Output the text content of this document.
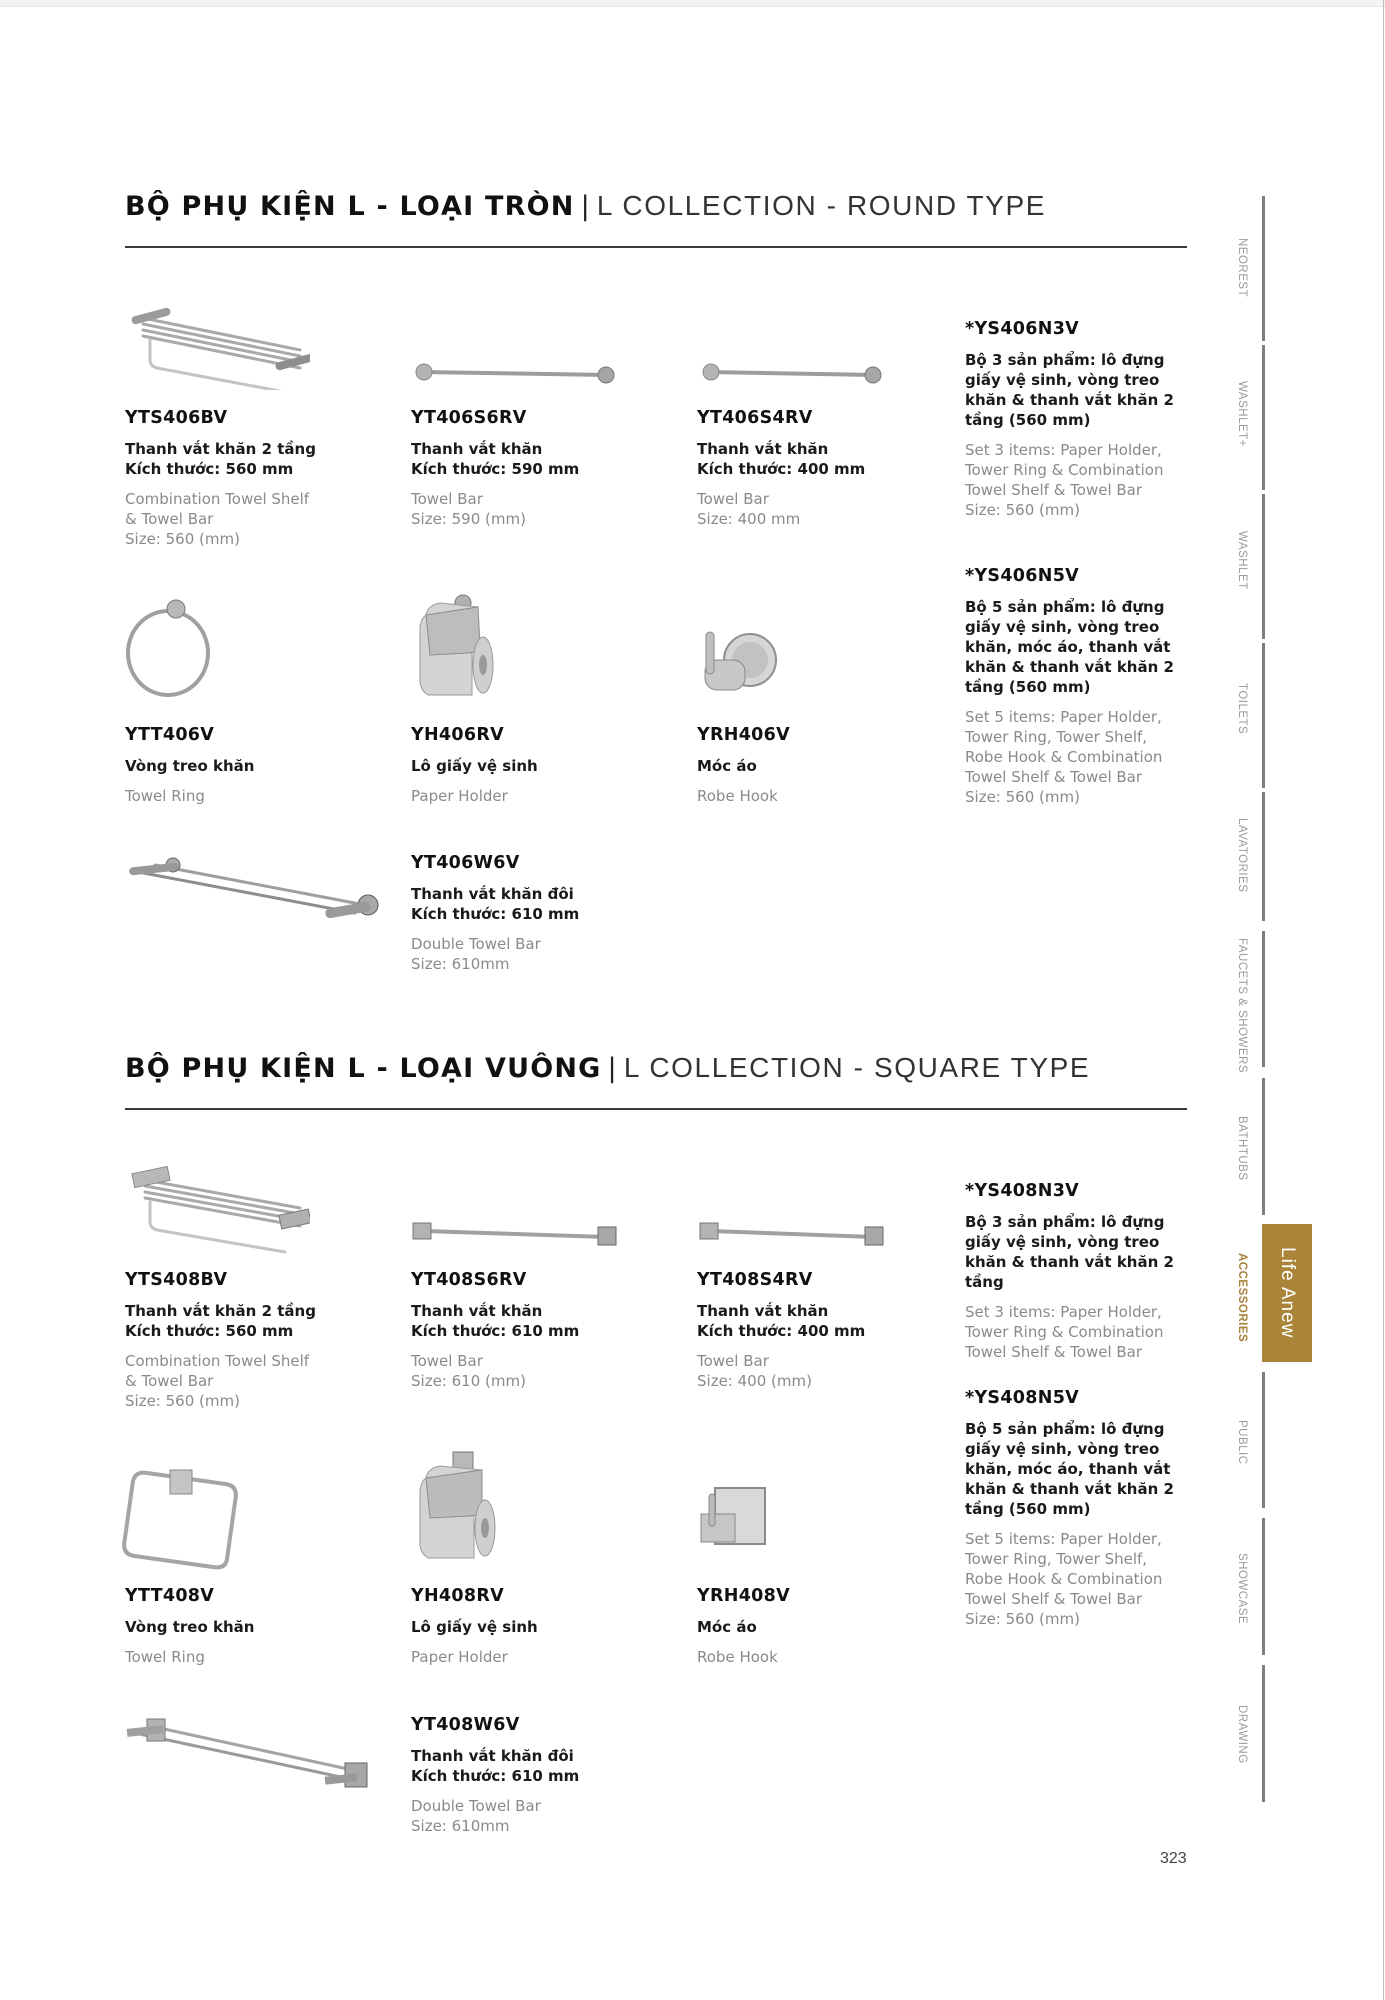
BỘ PHỤ KIỆN L - LOẠI TRÒN | L COLLECTION - ROUND TYPE
YTS406BV
Thanh vắt khăn 2 tầng
Kích thước: 560 mm
Combination Towel Shelf
& Towel Bar
Size: 560 (mm)
YT406S6RV
Thanh vắt khăn
Kích thước: 590 mm
Towel Bar
Size: 590 (mm)
YT406S4RV
Thanh vắt khăn
Kích thước: 400 mm
Towel Bar
Size: 400 mm
*YS406N3V
Bộ 3 sản phẩm: lô đựng giấy vệ sinh, vòng treo khăn & thanh vắt khăn 2 tầng (560 mm)
Set 3 items: Paper Holder,
Tower Ring & Combination
Towel Shelf & Towel Bar
Size: 560 (mm)
*YS406N5V
Bộ 5 sản phẩm: lô đựng giấy vệ sinh, vòng treo khăn, móc áo, thanh vắt khăn & thanh vắt khăn 2 tầng (560 mm)
Set 5 items: Paper Holder,
Tower Ring, Tower Shelf,
Robe Hook & Combination
Towel Shelf & Towel Bar
Size: 560 (mm)
YTT406V
Vòng treo khăn
Towel Ring
YH406RV
Lô giấy vệ sinh
Paper Holder
YRH406V
Móc áo
Robe Hook
YT406W6V
Thanh vắt khăn đôi
Kích thước: 610 mm
Double Towel Bar
Size: 610mm
BỘ PHỤ KIỆN L - LOẠI VUÔNG | L COLLECTION - SQUARE TYPE
YTS408BV
Thanh vắt khăn 2 tầng
Kích thước: 560 mm
Combination Towel Shelf
& Towel Bar
Size: 560 (mm)
YT408S6RV
Thanh vắt khăn
Kích thước: 610 mm
Towel Bar
Size: 610 (mm)
YT408S4RV
Thanh vắt khăn
Kích thước: 400 mm
Towel Bar
Size: 400 (mm)
*YS408N3V
Bộ 3 sản phẩm: lô đựng giấy vệ sinh, vòng treo khăn & thanh vắt khăn 2 tầng
Set 3 items: Paper Holder,
Tower Ring & Combination
Towel Shelf & Towel Bar
*YS408N5V
Bộ 5 sản phẩm: lô đựng giấy vệ sinh, vòng treo khăn, móc áo, thanh vắt khăn & thanh vắt khăn 2 tầng (560 mm)
Set 5 items: Paper Holder,
Tower Ring, Tower Shelf,
Robe Hook & Combination
Towel Shelf & Towel Bar
Size: 560 (mm)
YTT408V
Vòng treo khăn
Towel Ring
YH408RV
Lô giấy vệ sinh
Paper Holder
YRH408V
Móc áo
Robe Hook
YT408W6V
Thanh vắt khăn đôi
Kích thước: 610 mm
Double Towel Bar
Size: 610mm
NEOREST
WASHLET+
WASHLET
TOILETS
LAVATORIES
FAUCETS & SHOWERS
BATHTUBS
ACCESSORIES	Life Anew
PUBLIC
SHOWCASE
DRAWING
323
